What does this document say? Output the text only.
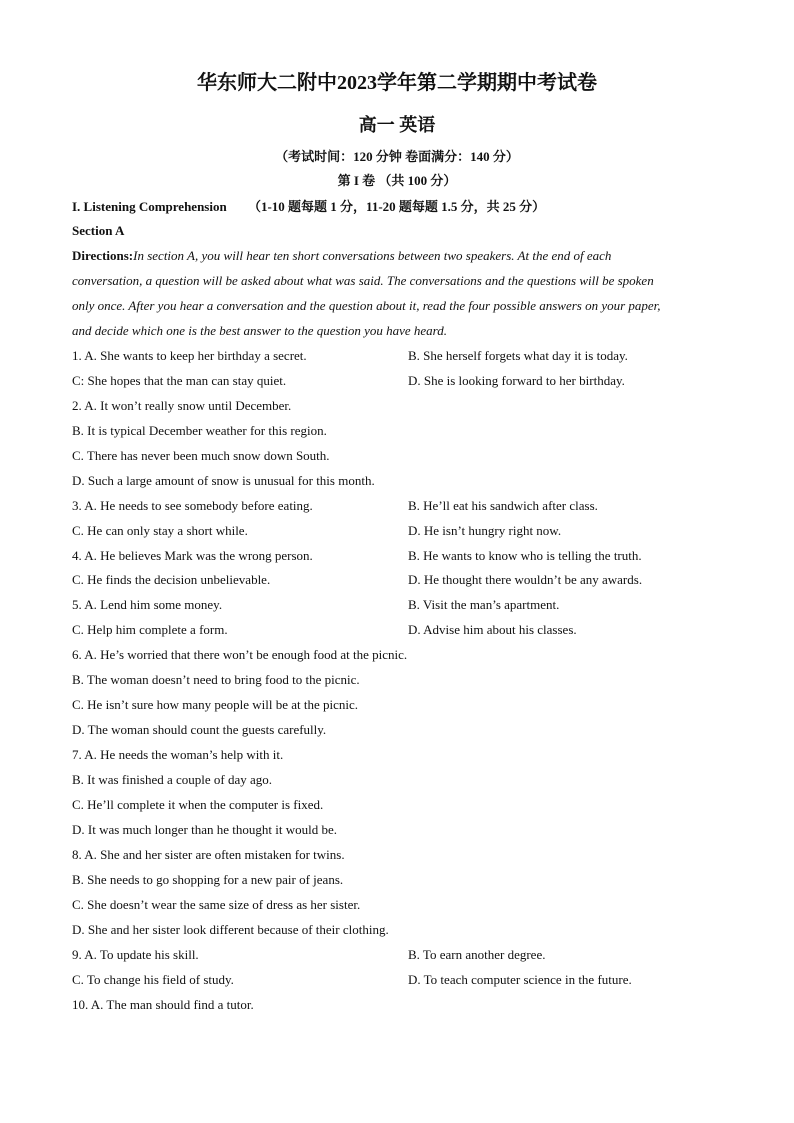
华东师大二附中2023学年第二学期期中考试卷
高一 英语
（考试时间：120 分钟 卷面满分：140 分）
第 I 卷 （共 100 分）
I. Listening Comprehension （1-10 题每题 1 分，11-20 题每题 1.5 分，共 25 分）
Section A
Directions:In section A, you will hear ten short conversations between two speakers. At the end of each
conversation, a question will be asked about what was said. The conversations and the questions will be spoken
only once. After you hear a conversation and the question about it, read the four possible answers on your paper,
and decide which one is the best answer to the question you have heard.
1. A. She wants to keep her birthday a secret.	B. She herself forgets what day it is today.
C: She hopes that the man can stay quiet.	D. She is looking forward to her birthday.
2. A. It won’t really snow until December.
B. It is typical December weather for this region.
C. There has never been much snow down South.
D. Such a large amount of snow is unusual for this month.
3. A. He needs to see somebody before eating.	B. He’ll eat his sandwich after class.
C. He can only stay a short while.	D. He isn’t hungry right now.
4. A. He believes Mark was the wrong person.	B. He wants to know who is telling the truth.
C. He finds the decision unbelievable.	D. He thought there wouldn’t be any awards.
5. A. Lend him some money.	B. Visit the man’s apartment.
C. Help him complete a form.	D. Advise him about his classes.
6. A. He’s worried that there won’t be enough food at the picnic.
B. The woman doesn’t need to bring food to the picnic.
C. He isn’t sure how many people will be at the picnic.
D. The woman should count the guests carefully.
7. A. He needs the woman’s help with it.
B. It was finished a couple of day ago.
C. He’ll complete it when the computer is fixed.
D. It was much longer than he thought it would be.
8. A. She and her sister are often mistaken for twins.
B. She needs to go shopping for a new pair of jeans.
C. She doesn’t wear the same size of dress as her sister.
D. She and her sister look different because of their clothing.
9. A. To update his skill.	B. To earn another degree.
C. To change his field of study.	D. To teach computer science in the future.
10. A. The man should find a tutor.
